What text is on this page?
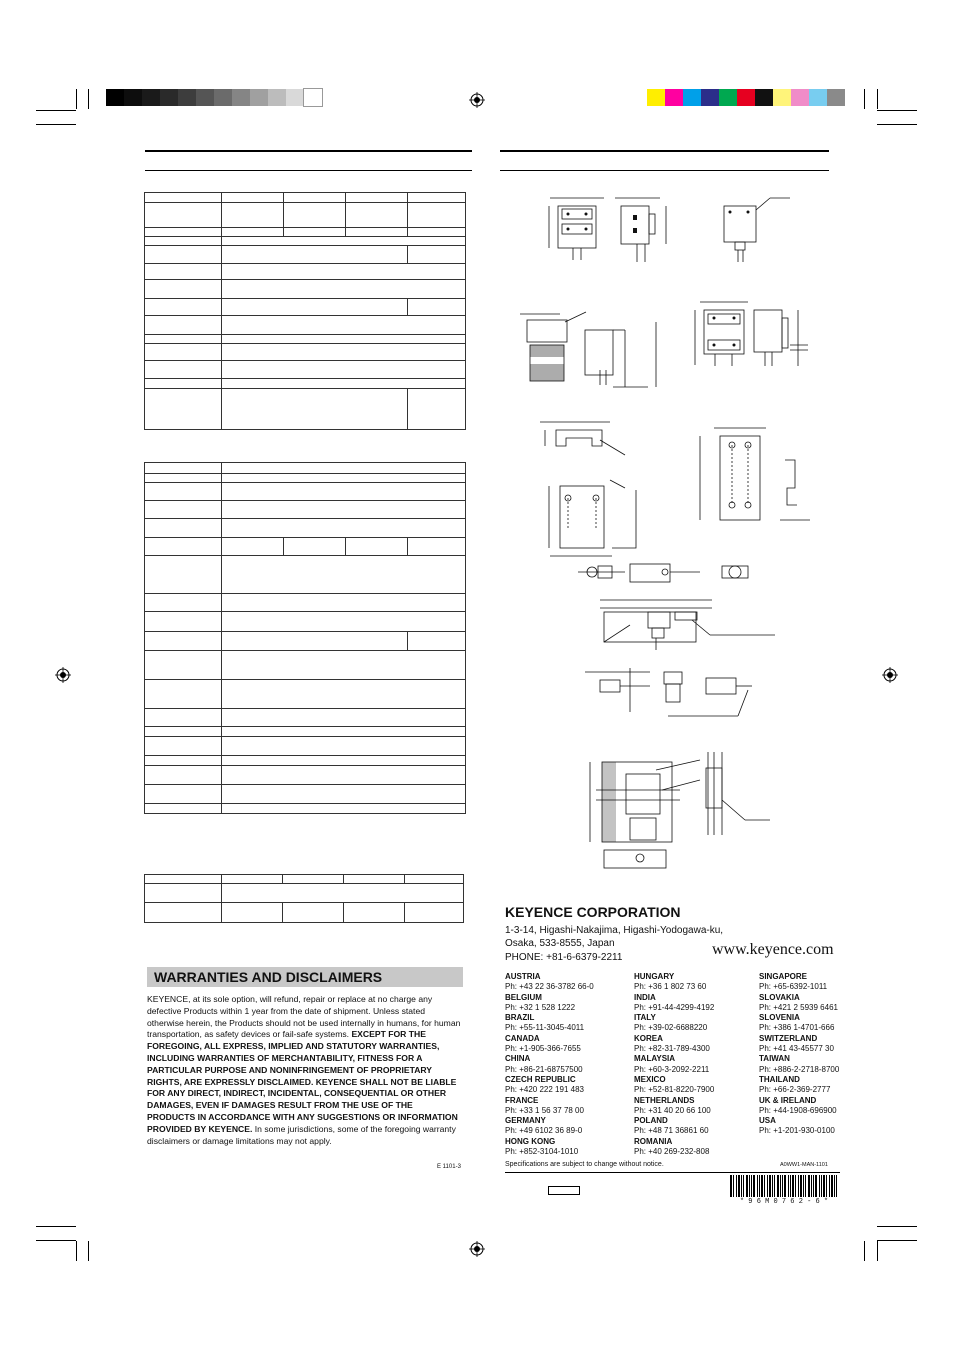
WARRANTIES AND DISCLAIMERS
KEYENCE, at its sole option, will refund, repair or replace at no charge any defective Products within 1 year from the date of shipment. Unless stated otherwise herein, the Products should not be used internally in humans, for human transportation, as safety devices or fail-safe systems. EXCEPT FOR THE FOREGOING, ALL EXPRESS, IMPLIED AND STATUTORY WARRANTIES, INCLUDING WARRANTIES OF MERCHANTABILITY, FITNESS FOR A PARTICULAR PURPOSE AND NONINFRINGEMENT OF PROPRIETARY RIGHTS, ARE EXPRESSLY DISCLAIMED. KEYENCE SHALL NOT BE LIABLE FOR ANY DIRECT, INDIRECT, INCIDENTAL, CONSEQUENTIAL OR OTHER DAMAGES, EVEN IF DAMAGES RESULT FROM THE USE OF THE PRODUCTS IN ACCORDANCE WITH ANY SUGGESTIONS OR INFORMATION PROVIDED BY KEYENCE. In some jurisdictions, some of the foregoing warranty disclaimers or damage limitations may not apply.
E 1101-3
KEYENCE CORPORATION
1-3-14, Higashi-Nakajima, Higashi-Yodogawa-ku,
Osaka, 533-8555, Japan
PHONE: +81-6-6379-2211	www.keyence.com
AUSTRIA
Ph: +43 22 36-3782 66-0
BELGIUM
Ph: +32 1 528 1222
BRAZIL
Ph: +55-11-3045-4011
CANADA
Ph: +1-905-366-7655
CHINA
Ph: +86-21-68757500
CZECH REPUBLIC
Ph: +420 222 191 483
FRANCE
Ph: +33 1 56 37 78 00
GERMANY
Ph: +49 6102 36 89-0
HONG KONG
Ph: +852-3104-1010
HUNGARY
Ph: +36 1 802 73 60
INDIA
Ph: +91-44-4299-4192
ITALY
Ph: +39-02-6688220
KOREA
Ph: +82-31-789-4300
MALAYSIA
Ph: +60-3-2092-2211
MEXICO
Ph: +52-81-8220-7900
NETHERLANDS
Ph: +31 40 20 66 100
POLAND
Ph: +48 71 36861 60
ROMANIA
Ph: +40 269-232-808
SINGAPORE
Ph: +65-6392-1011
SLOVAKIA
Ph: +421 2 5939 6461
SLOVENIA
Ph: +386 1-4701-666
SWITZERLAND
Ph: +41 43-45577 30
TAIWAN
Ph: +886-2-2718-8700
THAILAND
Ph: +66-2-369-2777
UK & IRELAND
Ph: +44-1908-696900
USA
Ph: +1-201-930-0100
Specifications are subject to change without notice.	A0WW1-MAN-1101
* 9 6 M 0 7 6 2 - 6 *
